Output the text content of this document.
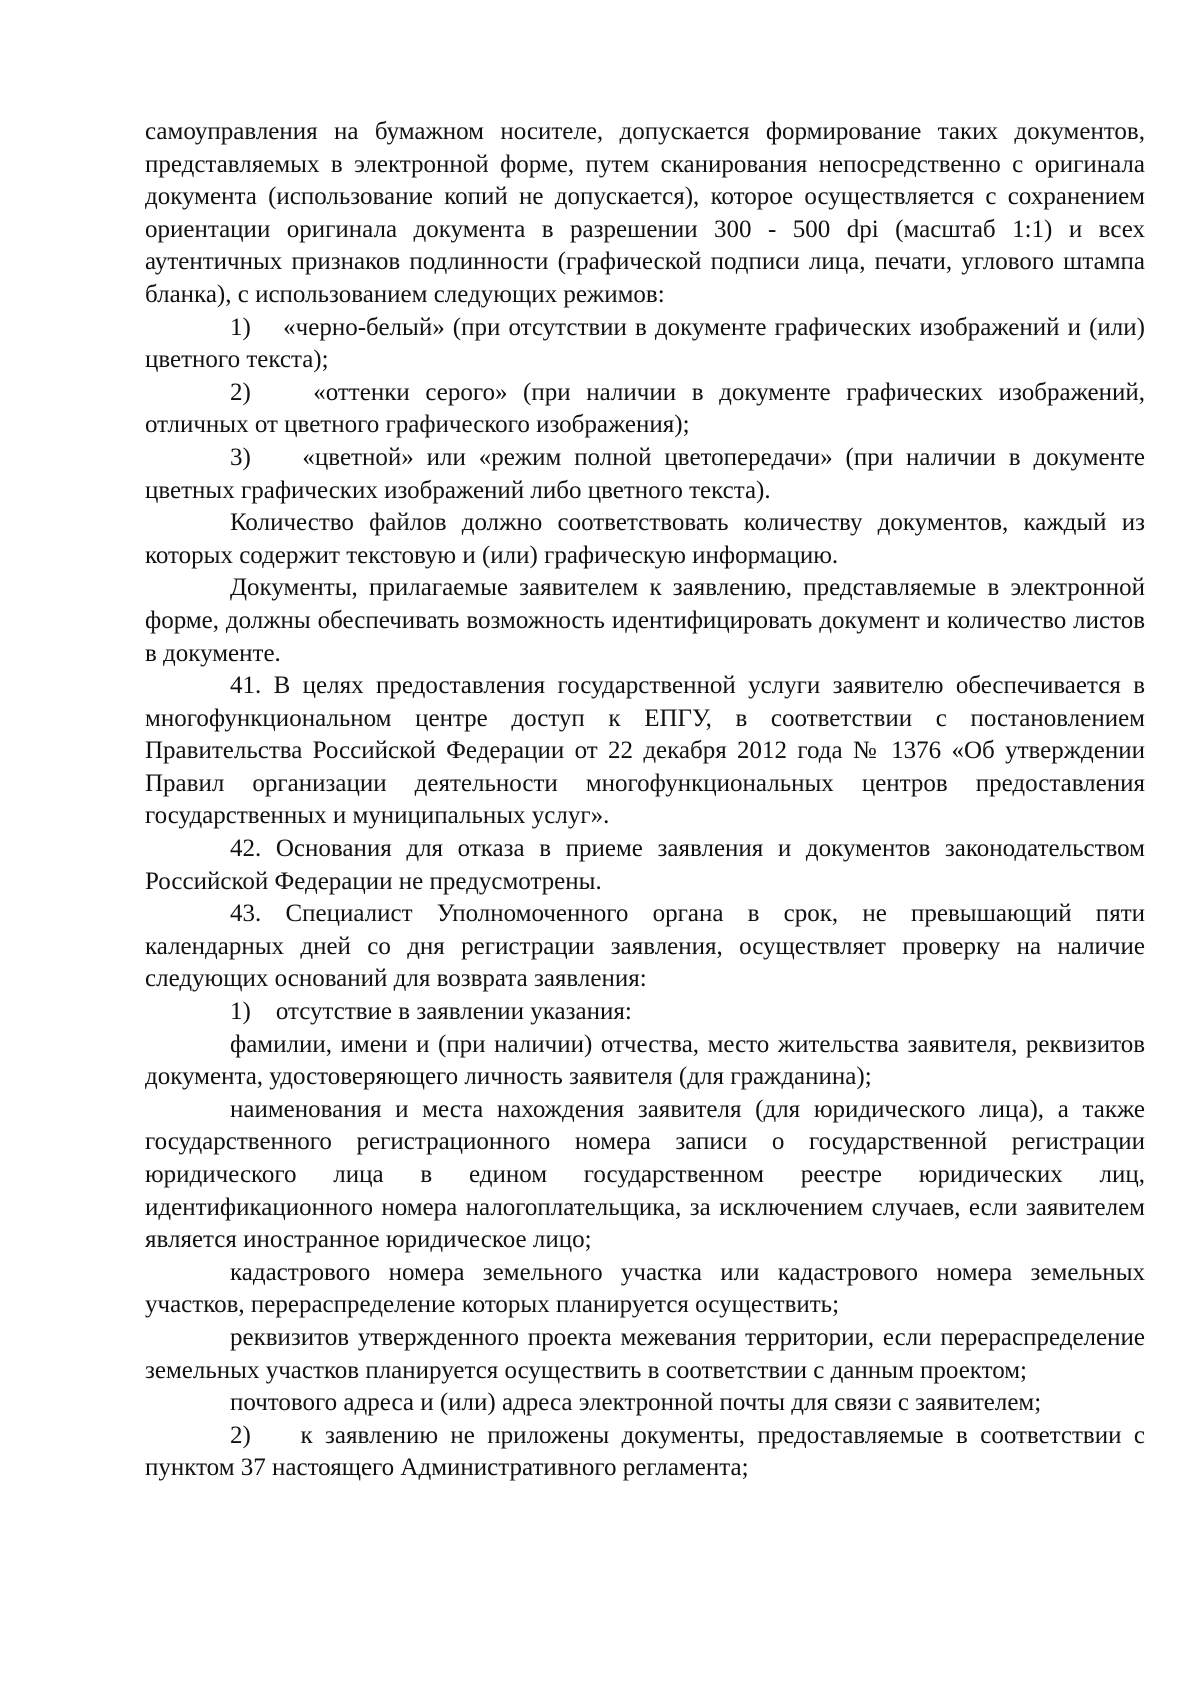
самоуправления на бумажном носителе, допускается формирование таких документов, представляемых в электронной форме, путем сканирования непосредственно с оригинала документа (использование копий не допускается), которое осуществляется с сохранением ориентации оригинала документа в разрешении 300 - 500 dpi (масштаб 1:1) и всех аутентичных признаков подлинности (графической подписи лица, печати, углового штампа бланка), с использованием следующих режимов:

1)    «черно-белый» (при отсутствии в документе графических изображений и (или) цветного текста);

2)    «оттенки серого» (при наличии в документе графических изображений, отличных от цветного графического изображения);

3)    «цветной» или «режим полной цветопередачи» (при наличии в документе цветных графических изображений либо цветного текста).

Количество файлов должно соответствовать количеству документов, каждый из которых содержит текстовую и (или) графическую информацию.

Документы, прилагаемые заявителем к заявлению, представляемые в электронной форме, должны обеспечивать возможность идентифицировать документ и количество листов в документе.

41. В целях предоставления государственной услуги заявителю обеспечивается в многофункциональном центре доступ к ЕПГУ, в соответствии с постановлением Правительства Российской Федерации от 22 декабря 2012 года № 1376 «Об утверждении Правил организации деятельности многофункциональных центров предоставления государственных и муниципальных услуг».

42. Основания для отказа в приеме заявления и документов законодательством Российской Федерации не предусмотрены.

43. Специалист Уполномоченного органа в срок, не превышающий пяти календарных дней со дня регистрации заявления, осуществляет проверку на наличие следующих оснований для возврата заявления:

1)    отсутствие в заявлении указания:

фамилии, имени и (при наличии) отчества, место жительства заявителя, реквизитов документа, удостоверяющего личность заявителя (для гражданина);

наименования и места нахождения заявителя (для юридического лица), а также государственного регистрационного номера записи о государственной регистрации юридического лица в едином государственном реестре юридических лиц, идентификационного номера налогоплательщика, за исключением случаев, если заявителем является иностранное юридическое лицо;

кадастрового номера земельного участка или кадастрового номера земельных участков, перераспределение которых планируется осуществить;

реквизитов утвержденного проекта межевания территории, если перераспределение земельных участков планируется осуществить в соответствии с данным проектом;

почтового адреса и (или) адреса электронной почты для связи с заявителем;

2)    к заявлению не приложены документы, предоставляемые в соответствии с пунктом 37 настоящего Административного регламента;
